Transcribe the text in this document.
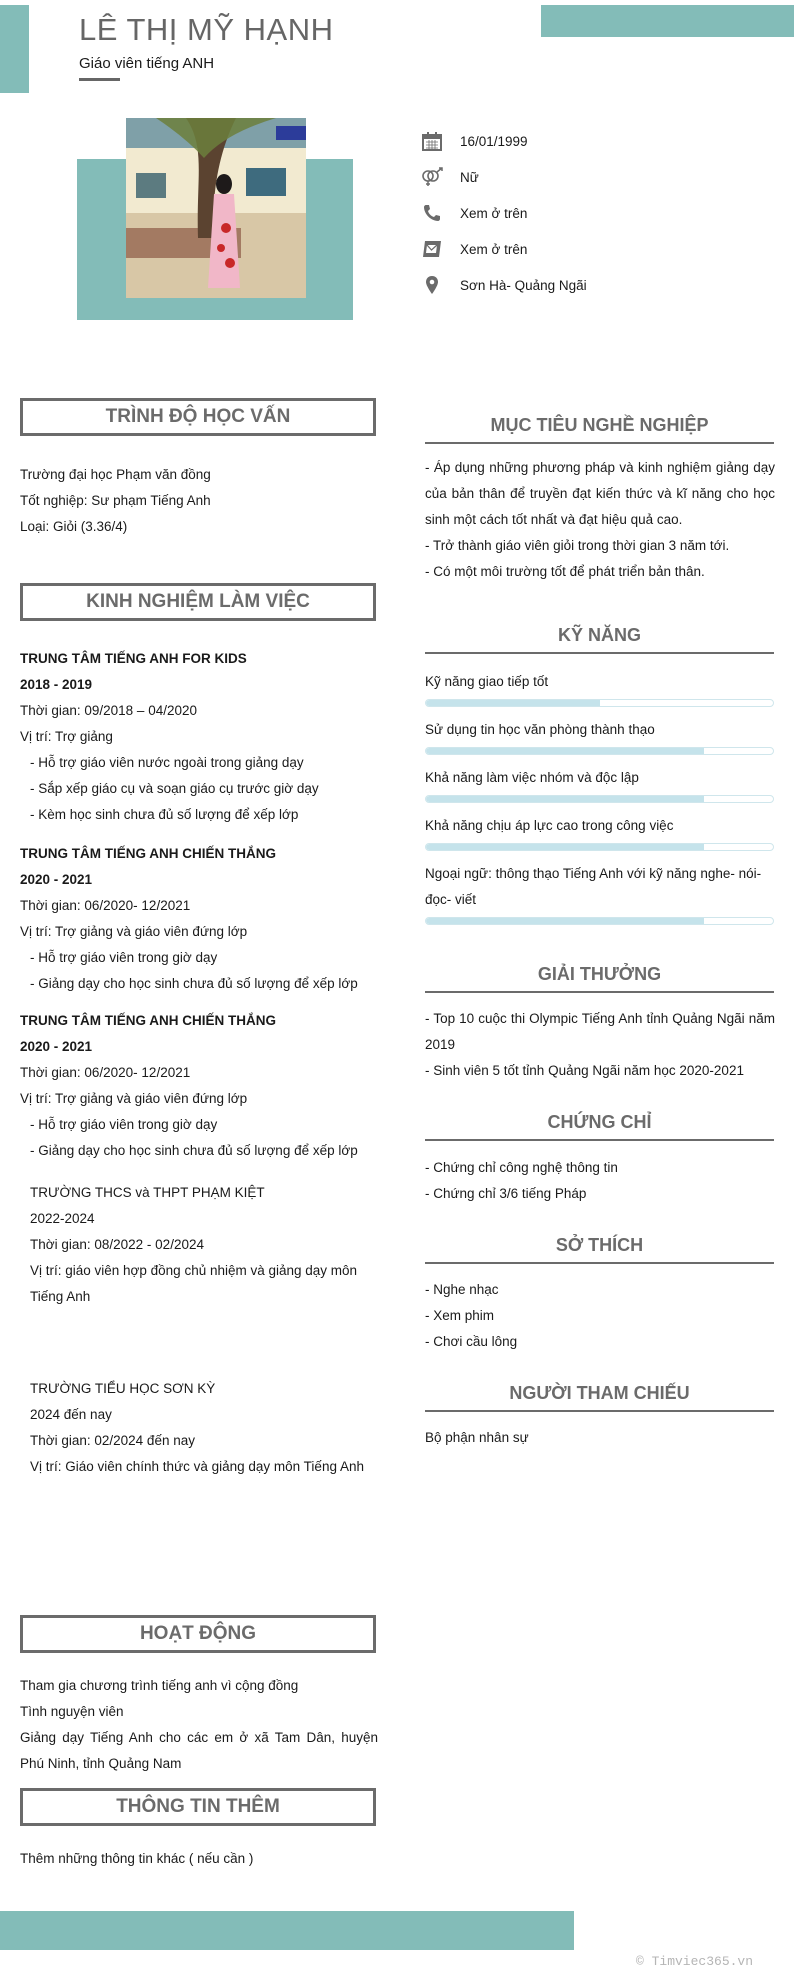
LÊ THỊ MỸ HẠNH
Giáo viên tiếng ANH
16/01/1999
Nữ
Xem ở trên
Xem ở trên
Sơn Hà- Quảng Ngãi
TRÌNH ĐỘ HỌC VẤN
Trường đại học Phạm văn đồng
Tốt nghiệp: Sư phạm Tiếng Anh
Loại: Giỏi (3.36/4)
KINH NGHIỆM LÀM VIỆC
TRUNG TÂM TIẾNG ANH FOR KIDS
2018 - 2019
Thời gian: 09/2018 – 04/2020
Vị trí: Trợ giảng
- Hỗ trợ giáo viên nước ngoài trong giảng dạy
- Sắp xếp giáo cụ và soạn giáo cụ trước giờ dạy
- Kèm học sinh chưa đủ số lượng để xếp lớp
TRUNG TÂM TIẾNG ANH CHIẾN THẮNG
2020 - 2021
Thời gian: 06/2020- 12/2021
Vị trí: Trợ giảng và giáo viên đứng lớp
- Hỗ trợ giáo viên trong giờ dạy
- Giảng dạy cho học sinh chưa đủ số lượng để xếp lớp
TRUNG TÂM TIẾNG ANH CHIẾN THẮNG
2020 - 2021
Thời gian: 06/2020- 12/2021
Vị trí: Trợ giảng và giáo viên đứng lớp
- Hỗ trợ giáo viên trong giờ dạy
- Giảng dạy cho học sinh chưa đủ số lượng để xếp lớp
TRƯỜNG THCS và THPT PHẠM KIỆT
2022-2024
Thời gian: 08/2022 - 02/2024
Vị trí: giáo viên hợp đồng chủ nhiệm và giảng dạy môn Tiếng Anh
TRƯỜNG TIỂU HỌC SƠN KỲ
2024 đến nay
Thời gian: 02/2024 đến nay
Vị trí: Giáo viên chính thức và giảng dạy môn Tiếng Anh
HOẠT ĐỘNG
Tham gia chương trình tiếng anh vì cộng đồng
Tình nguyện viên
Giảng dạy Tiếng Anh cho các em ở xã Tam Dân, huyện Phú Ninh, tỉnh Quảng Nam
THÔNG TIN THÊM
Thêm những thông tin khác ( nếu cần )
MỤC TIÊU NGHỀ NGHIỆP
- Áp dụng những phương pháp và kinh nghiệm giảng dạy của bản thân để truyền đạt kiến thức và kĩ năng cho học sinh một cách tốt nhất và đạt hiệu quả cao.
- Trở thành giáo viên giỏi trong thời gian 3 năm tới.
- Có một môi trường tốt để phát triển bản thân.
KỸ NĂNG
Kỹ năng giao tiếp tốt
Sử dụng tin học văn phòng thành thạo
Khả năng làm việc nhóm và độc lập
Khả năng chịu áp lực cao trong công việc
Ngoại ngữ: thông thạo Tiếng Anh với kỹ năng nghe- nói- đọc- viết
GIẢI THƯỞNG
- Top 10 cuộc thi Olympic Tiếng Anh tỉnh Quảng Ngãi năm 2019
- Sinh viên 5 tốt tỉnh Quảng Ngãi năm học 2020-2021
CHỨNG CHỈ
- Chứng chỉ công nghệ thông tin
- Chứng chỉ 3/6 tiếng Pháp
SỞ THÍCH
- Nghe nhạc
- Xem phim
- Chơi cầu lông
NGƯỜI THAM CHIẾU
Bộ phận nhân sự
© Timviec365.vn
